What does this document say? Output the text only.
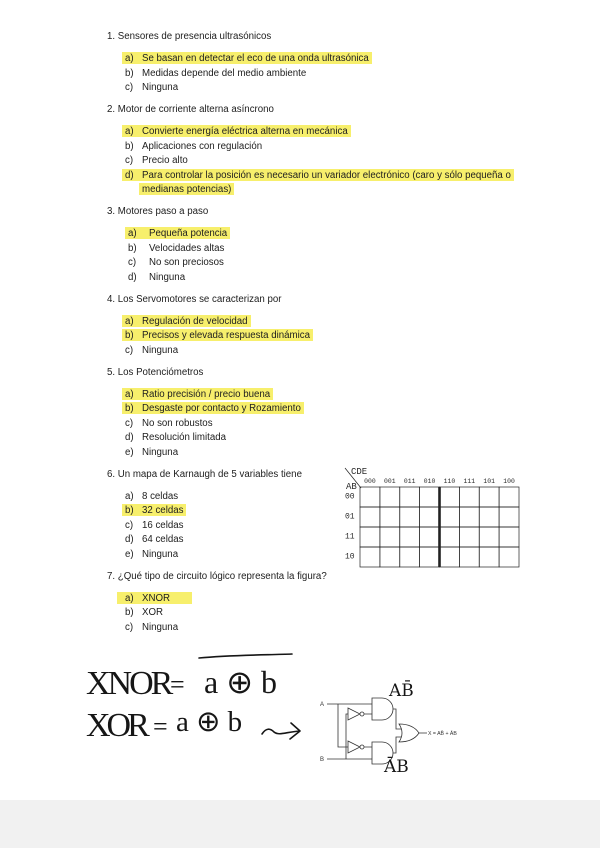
1. Sensores de presencia ultrasónicos
a) Se basan en detectar el eco de una onda ultrasónica
b) Medidas depende del medio ambiente
c) Ninguna
2. Motor de corriente alterna asíncrono
a) Convierte energía eléctrica alterna en mecánica
b) Aplicaciones con regulación
c) Precio alto
d) Para controlar la posición es necesario un variador electrónico (caro y sólo pequeña o medianas potencias)
3. Motores paso a paso
a) Pequeña potencia
b) Velocidades altas
c) No son preciosos
d) Ninguna
4. Los Servomotores se caracterizan por
a) Regulación de velocidad
b) Precisos y elevada respuesta dinámica
c) Ninguna
5. Los Potenciómetros
a) Ratio precisión / precio buena
b) Desgaste por contacto y Rozamiento
c) No son robustos
d) Resolución limitada
e) Ninguna
6. Un mapa de Karnaugh de 5 variables tiene
a) 8 celdas
b) 32 celdas
c) 16 celdas
d) 64 celdas
e) Ninguna
7. ¿Qué tipo de circuito lógico representa la figura?
a) XNOR
b) XOR
c) Ninguna
CDE
AB
000 001 011 010 110 111 101 100
00
01
11
10
XNOR = a ⊕ b
XOR = a ⊕ b
A
B
X = AB̄ + ĀB
AB̄
ĀB
